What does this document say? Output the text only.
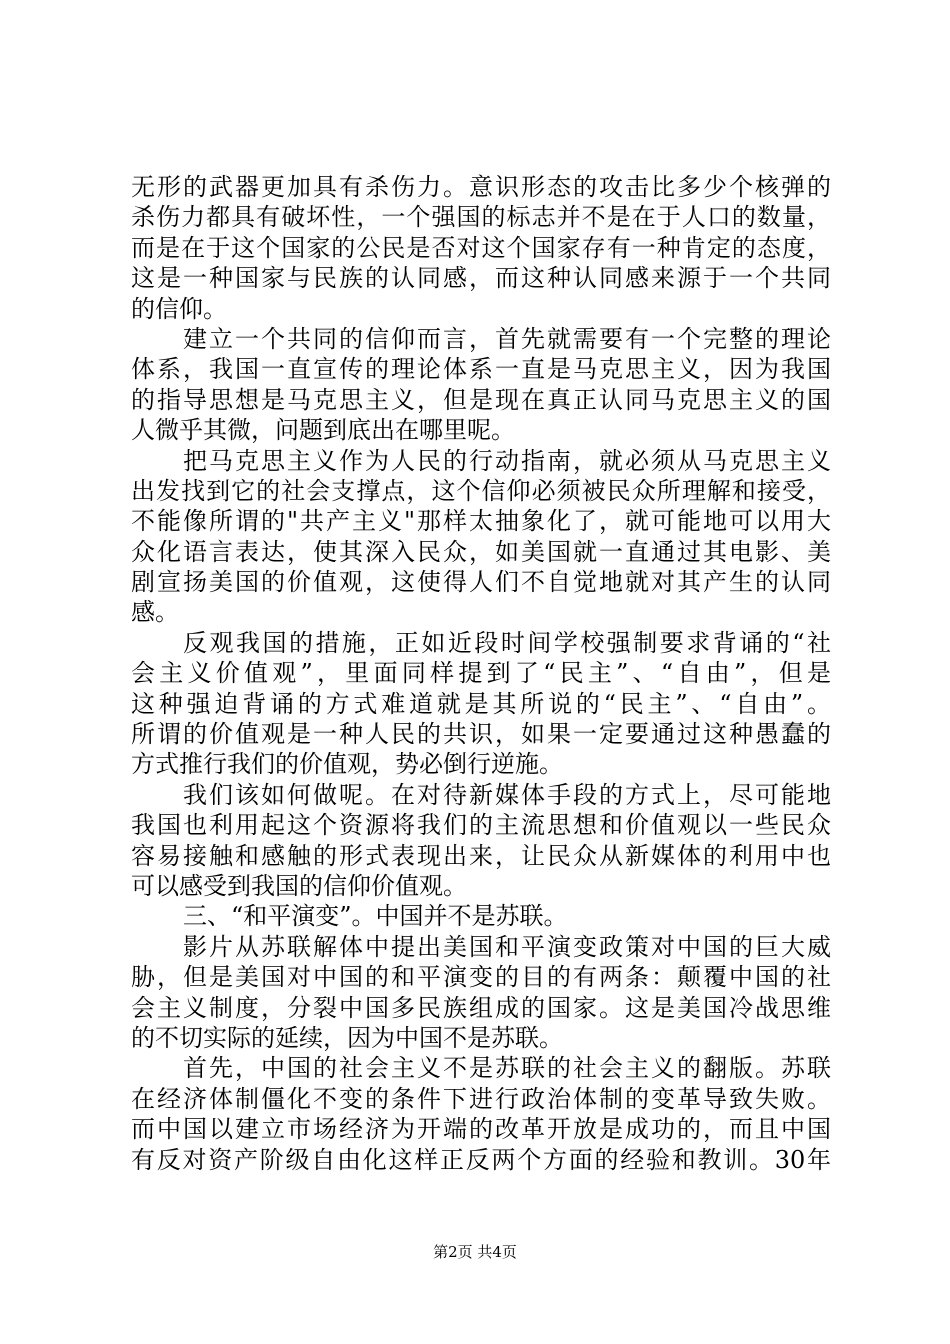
无形的武器更加具有杀伤力。意识形态的攻击比多少个核弹的
杀伤力都具有破坏性，一个强国的标志并不是在于人口的数量，
而是在于这个国家的公民是否对这个国家存有一种肯定的态度，
这是一种国家与民族的认同感，而这种认同感来源于一个共同
的信仰。
建立一个共同的信仰而言，首先就需要有一个完整的理论
体系，我国一直宣传的理论体系一直是马克思主义，因为我国
的指导思想是马克思主义，但是现在真正认同马克思主义的国
人微乎其微，问题到底出在哪里呢。
把马克思主义作为人民的行动指南，就必须从马克思主义
出发找到它的社会支撑点，这个信仰必须被民众所理解和接受，
不能像所谓的"共产主义"那样太抽象化了，就可能地可以用大
众化语言表达，使其深入民众，如美国就一直通过其电影、美
剧宣扬美国的价值观，这使得人们不自觉地就对其产生的认同
感。
反观我国的措施，正如近段时间学校强制要求背诵的“社
会主义价值观”，里面同样提到了“民主”、“自由”，但是
这种强迫背诵的方式难道就是其所说的“民主”、“自由”。
所谓的价值观是一种人民的共识，如果一定要通过这种愚蠢的
方式推行我们的价值观，势必倒行逆施。
我们该如何做呢。在对待新媒体手段的方式上，尽可能地
我国也利用起这个资源将我们的主流思想和价值观以一些民众
容易接触和感触的形式表现出来，让民众从新媒体的利用中也
可以感受到我国的信仰价值观。
三、“和平演变”。中国并不是苏联。
影片从苏联解体中提出美国和平演变政策对中国的巨大威
胁，但是美国对中国的和平演变的目的有两条：颠覆中国的社
会主义制度，分裂中国多民族组成的国家。这是美国冷战思维
的不切实际的延续，因为中国不是苏联。
首先，中国的社会主义不是苏联的社会主义的翻版。苏联
在经济体制僵化不变的条件下进行政治体制的变革导致失败。
而中国以建立市场经济为开端的改革开放是成功的，而且中国
有反对资产阶级自由化这样正反两个方面的经验和教训。30年
第2页 共4页
